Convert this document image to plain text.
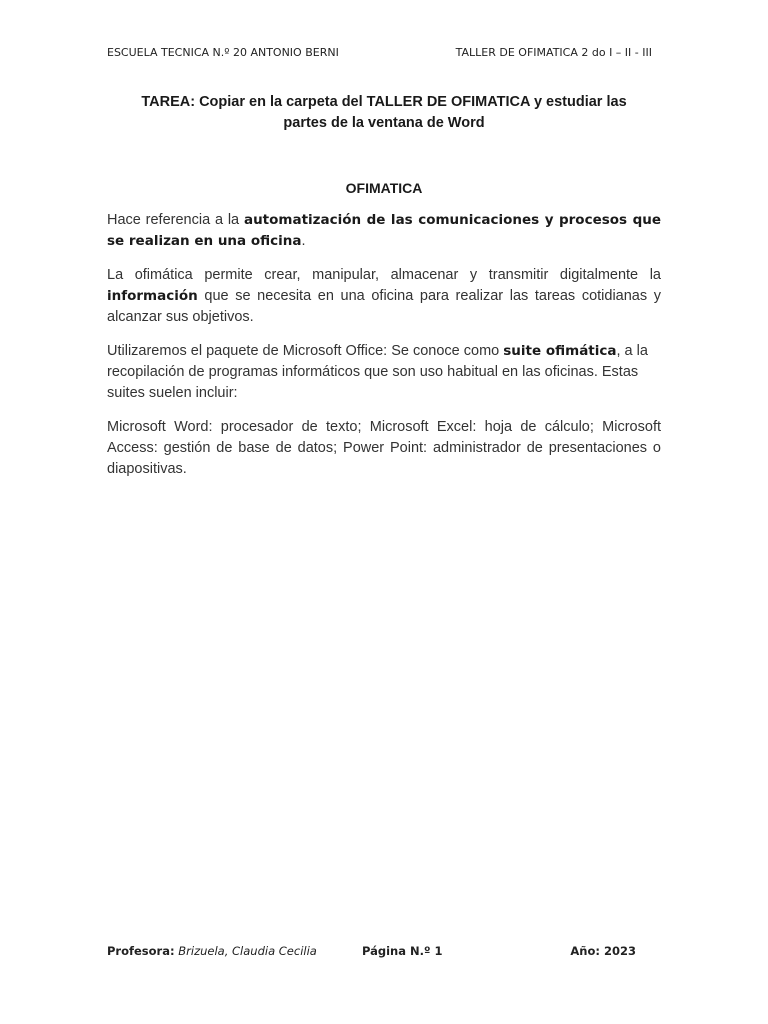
ESCUELA TECNICA N.º 20 ANTONIO BERNI	TALLER DE OFIMATICA 2 do I – II - III
TAREA: Copiar en la carpeta del TALLER DE OFIMATICA y estudiar las
partes de la ventana de Word
OFIMATICA

Hace referencia a la automatización de las comunicaciones y procesos que se realizan en una oficina.

La ofimática permite crear, manipular, almacenar y transmitir digitalmente la información que se necesita en una oficina para realizar las tareas cotidianas y alcanzar sus objetivos.

Utilizaremos el paquete de Microsoft Office: Se conoce como suite ofimática, a la recopilación de programas informáticos que son uso habitual en las oficinas. Estas suites suelen incluir:

Microsoft Word: procesador de texto; Microsoft Excel: hoja de cálculo; Microsoft Access: gestión de base de datos; Power Point: administrador de presentaciones o diapositivas.

Profesora: Brizuela, Claudia Cecilia	Página N.º 1	Año: 2023
